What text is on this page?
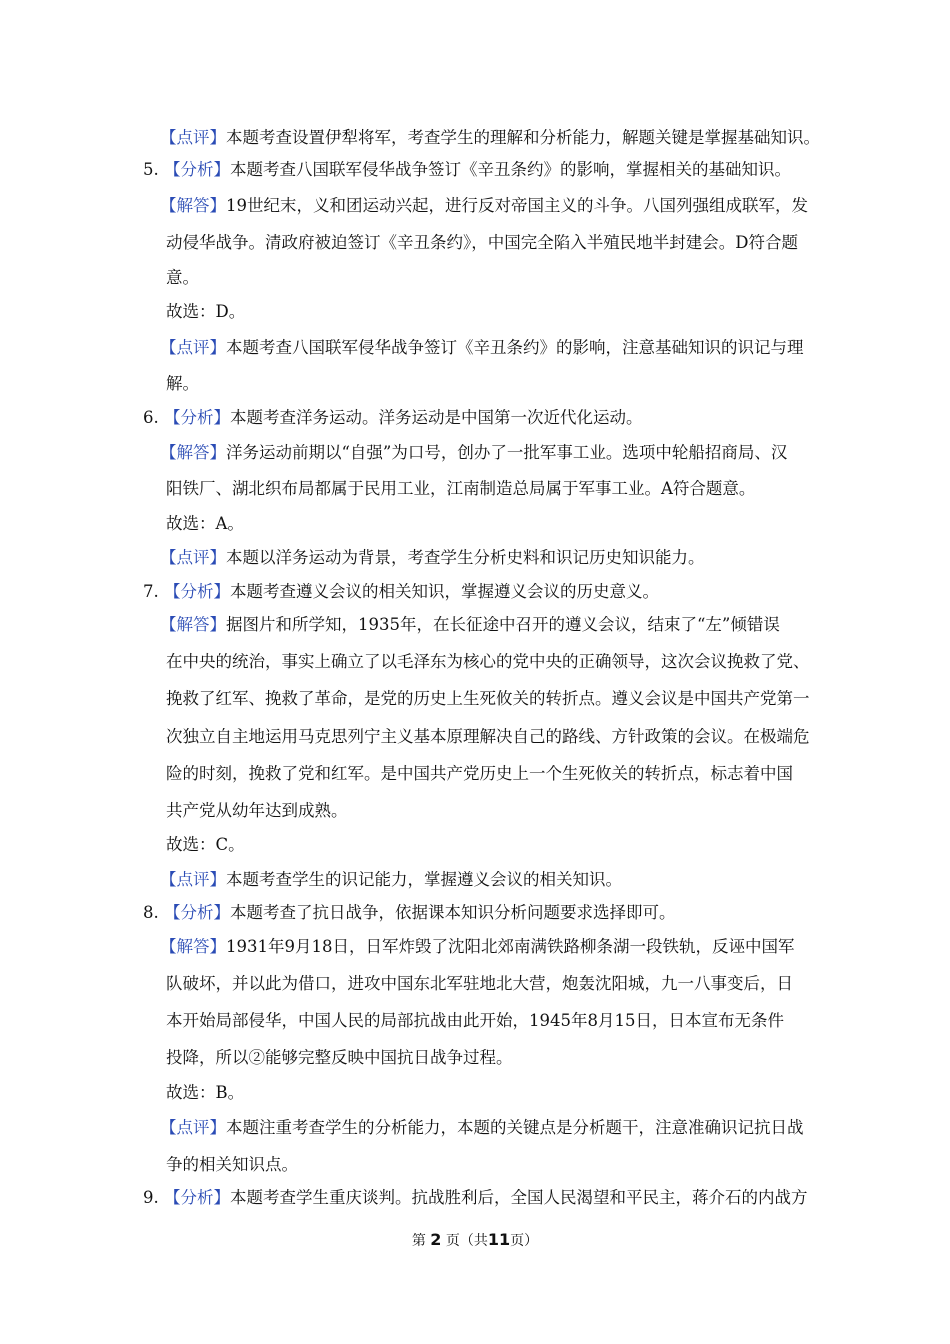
【点评】本题考查设置伊犁将军，考查学生的理解和分析能力，解题关键是掌握基础知识。
5. 【分析】本题考查八国联军侵华战争签订《辛丑条约》的影响，掌握相关的基础知识。
【解答】19世纪末，义和团运动兴起，进行反对帝国主义的斗争。八国列强组成联军，发
动侵华战争。清政府被迫签订《辛丑条约》，中国完全陷入半殖民地半封建会。D符合题
意。
故选：D。
【点评】本题考查八国联军侵华战争签订《辛丑条约》的影响，注意基础知识的识记与理
解。
6. 【分析】本题考查洋务运动。洋务运动是中国第一次近代化运动。
【解答】洋务运动前期以“自强”为口号，创办了一批军事工业。选项中轮船招商局、汉
阳铁厂、湖北织布局都属于民用工业，江南制造总局属于军事工业。A符合题意。
故选：A。
【点评】本题以洋务运动为背景，考查学生分析史料和识记历史知识能力。
7. 【分析】本题考查遵义会议的相关知识，掌握遵义会议的历史意义。
【解答】据图片和所学知，1935年，在长征途中召开的遵义会议，结束了“左”倾错误
在中央的统治，事实上确立了以毛泽东为核心的党中央的正确领导，这次会议挽救了党、
挽救了红军、挽救了革命，是党的历史上生死攸关的转折点。遵义会议是中国共产党第一
次独立自主地运用马克思列宁主义基本原理解决自己的路线、方针政策的会议。在极端危
险的时刻，挽救了党和红军。是中国共产党历史上一个生死攸关的转折点，标志着中国
共产党从幼年达到成熟。
故选：C。
【点评】本题考查学生的识记能力，掌握遵义会议的相关知识。
8. 【分析】本题考查了抗日战争，依据课本知识分析问题要求选择即可。
【解答】1931年9月18日，日军炸毁了沈阳北郊南满铁路柳条湖一段铁轨，反诬中国军
队破坏，并以此为借口，进攻中国东北军驻地北大营，炮轰沈阳城，九一八事变后，日
本开始局部侵华，中国人民的局部抗战由此开始，1945年8月15日，日本宣布无条件
投降，所以②能够完整反映中国抗日战争过程。
故选：B。
【点评】本题注重考查学生的分析能力，本题的关键点是分析题干，注意准确识记抗日战
争的相关知识点。
9. 【分析】本题考查学生重庆谈判。抗战胜利后，全国人民渴望和平民主，蒋介石的内战方
第 2 页（共11页）
